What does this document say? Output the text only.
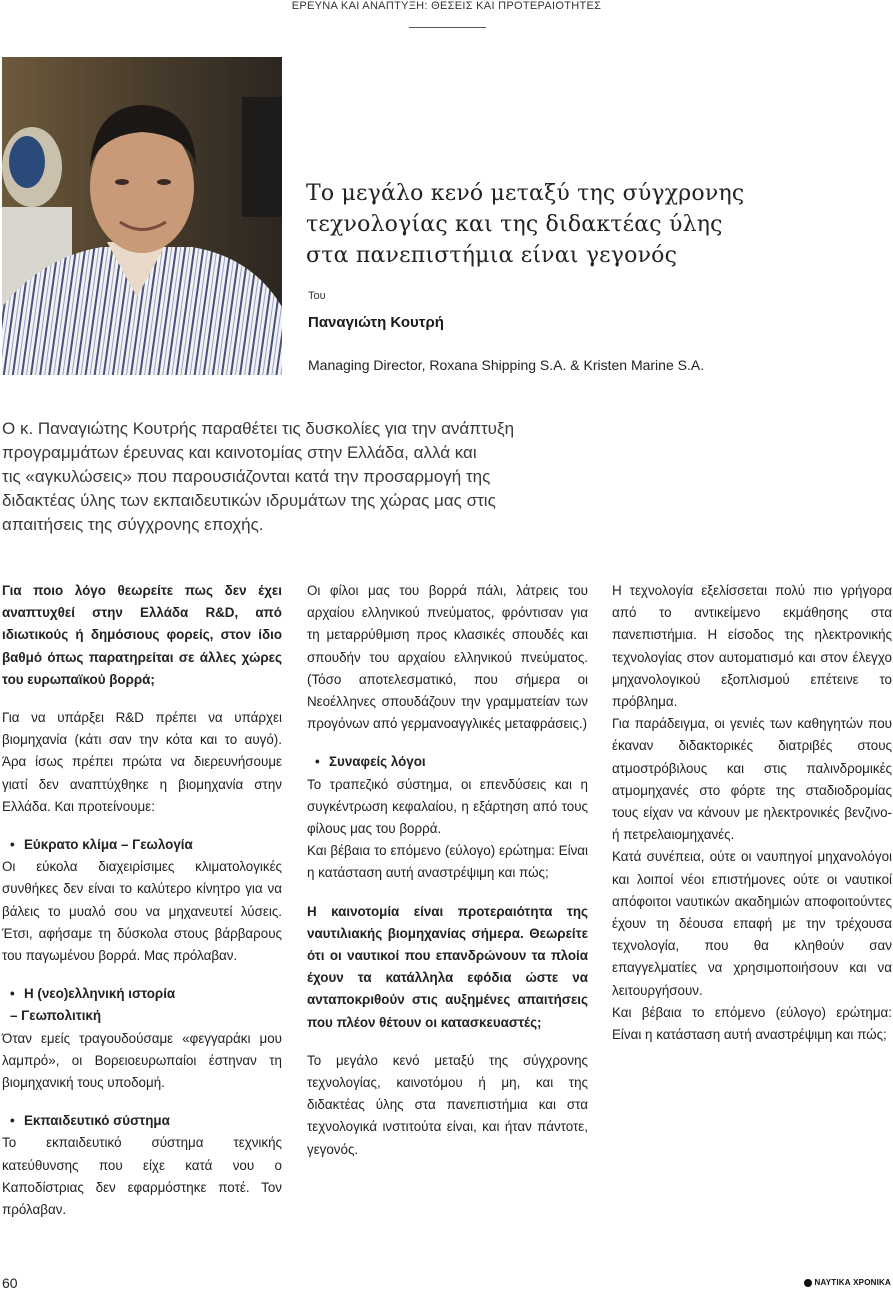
ΕΡΕΥΝΑ ΚΑΙ ΑΝΑΠΤΥΞΗ: ΘΕΣΕΙΣ ΚΑΙ ΠΡΟΤΕΡΑΙΟΤΗΤΕΣ
Το μεγάλο κενό μεταξύ της σύγχρονης
τεχνολογίας και της διδακτέας ύλης
στα πανεπιστήμια είναι γεγονός
Του
Παναγιώτη Κουτρή
Managing Director, Roxana Shipping S.A. & Kristen Marine S.A.
Ο κ. Παναγιώτης Κουτρής παραθέτει τις δυσκολίες για την ανάπτυξη
προγραμμάτων έρευνας και καινοτομίας στην Ελλάδα, αλλά και
τις «αγκυλώσεις» που παρουσιάζονται κατά την προσαρμογή της
διδακτέας ύλης των εκπαιδευτικών ιδρυμάτων της χώρας μας στις
απαιτήσεις της σύγχρονης εποχής.

Για ποιο λόγο θεωρείτε πως δεν έχει αναπτυχθεί στην Ελλάδα R&D, από ιδιωτικούς ή δημόσιους φορείς, στον ίδιο βαθμό όπως παρατηρείται σε άλλες χώρες του ευρωπαϊκού βορρά;

Για να υπάρξει R&D πρέπει να υπάρχει βιομηχανία (κάτι σαν την κότα και το αυγό). Άρα ίσως πρέπει πρώτα να διερευνήσουμε γιατί δεν αναπτύχθηκε η βιομηχανία στην Ελλάδα. Και προτείνουμε:

• Εύκρατο κλίμα – Γεωλογία

Οι εύκολα διαχειρίσιμες κλιματολογικές συνθήκες δεν είναι το καλύτερο κίνητρο για να βάλεις το μυαλό σου να μηχανευτεί λύσεις. Έτσι, αφήσαμε τη δύσκολα στους βάρβαρους του παγωμένου βορρά. Μας πρόλαβαν.

• Η (νεο)ελληνική ιστορία

– Γεωπολιτική

Όταν εμείς τραγουδούσαμε «φεγγαράκι μου λαμπρό», οι Βορειοευρωπαίοι έστηναν τη βιομηχανική τους υποδομή.

• Εκπαιδευτικό σύστημα

Το εκπαιδευτικό σύστημα τεχνικής κατεύθυνσης που είχε κατά νου ο Καποδίστριας δεν εφαρμόστηκε ποτέ. Τον πρόλαβαν.

Οι φίλοι μας του βορρά πάλι, λάτρεις του αρχαίου ελληνικού πνεύματος, φρόντισαν για τη μεταρρύθμιση προς κλασικές σπουδές και σπουδήν του αρχαίου ελληνικού πνεύματος. (Τόσο αποτελεσματικό, που σήμερα οι Νεοέλληνες σπουδάζουν την γραμματείαν των προγόνων από γερμανοαγγλικές μεταφράσεις.)

• Συναφείς λόγοι

Το τραπεζικό σύστημα, οι επενδύσεις και η συγκέντρωση κεφαλαίου, η εξάρτηση από τους φίλους μας του βορρά.

Και βέβαια το επόμενο (εύλογο) ερώτημα: Είναι η κατάσταση αυτή αναστρέψιμη και πώς;

Η καινοτομία είναι προτεραιότητα της ναυτιλιακής βιομηχανίας σήμερα. Θεωρείτε ότι οι ναυτικοί που επανδρώνουν τα πλοία έχουν τα κατάλληλα εφόδια ώστε να ανταποκριθούν στις αυξημένες απαιτήσεις που πλέον θέτουν οι κατασκευαστές;

Το μεγάλο κενό μεταξύ της σύγχρονης τεχνολογίας, καινοτόμου ή μη, και της διδακτέας ύλης στα πανεπιστήμια και στα τεχνολογικά ινστιτούτα είναι, και ήταν πάντοτε, γεγονός.

Η τεχνολογία εξελίσσεται πολύ πιο γρήγορα από το αντικείμενο εκμάθησης στα πανεπιστήμια. Η είσοδος της ηλεκτρονικής τεχνολογίας στον αυτοματισμό και στον έλεγχο μηχανολογικού εξοπλισμού επέτεινε το πρόβλημα.

Για παράδειγμα, οι γενιές των καθηγητών που έκαναν διδακτορικές διατριβές στους ατμοστρόβιλους και στις παλινδρομικές ατμομηχανές στο φόρτε της σταδιοδρομίας τους είχαν να κάνουν με ηλεκτρονικές βενζινο- ή πετρελαιομηχανές.

Κατά συνέπεια, ούτε οι ναυπηγοί μηχανολόγοι και λοιποί νέοι επιστήμονες ούτε οι ναυτικοί απόφοιτοι ναυτικών ακαδημιών αποφοιτούντες έχουν τη δέουσα επαφή με την τρέχουσα τεχνολογία, που θα κληθούν σαν επαγγελματίες να χρησιμοποιήσουν και να λειτουργήσουν.

Και βέβαια το επόμενο (εύλογο) ερώτημα: Είναι η κατάσταση αυτή αναστρέψιμη και πώς;

60	ΝΑΥΤΙΚΑ ΧΡΟΝΙΚΑ
